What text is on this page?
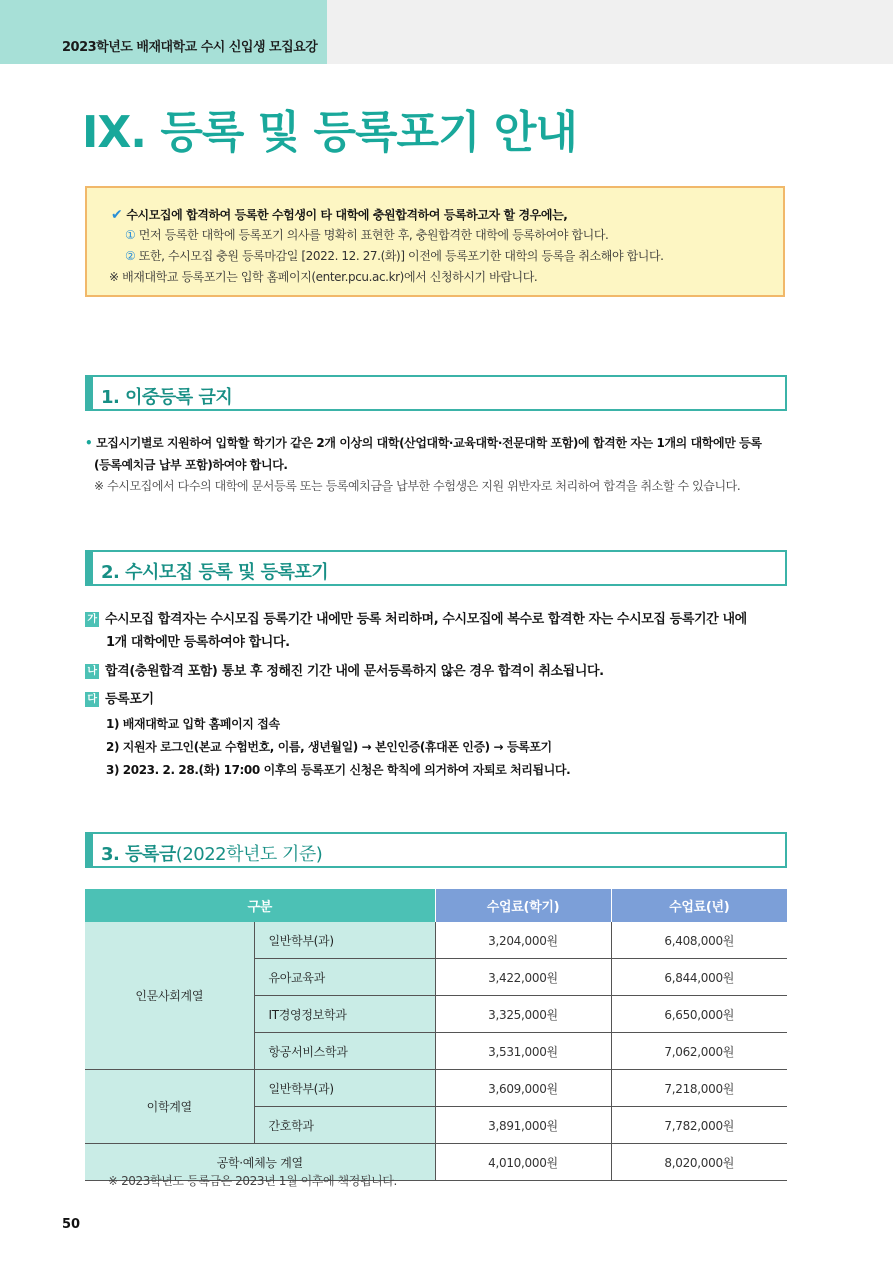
2023학년도 배재대학교 수시 신입생 모집요강
Ⅸ. 등록 및 등록포기 안내
✔ 수시모집에 합격하여 등록한 수험생이 타 대학에 충원합격하여 등록하고자 할 경우에는,
① 먼저 등록한 대학에 등록포기 의사를 명확히 표현한 후, 충원합격한 대학에 등록하여야 합니다.
② 또한, 수시모집 충원 등록마감일 [2022. 12. 27.(화)] 이전에 등록포기한 대학의 등록을 취소해야 합니다.
※ 배재대학교 등록포기는 입학 홈페이지(enter.pcu.ac.kr)에서 신청하시기 바랍니다.
1. 이중등록 금지
• 모집시기별로 지원하여 입학할 학기가 같은 2개 이상의 대학(산업대학·교육대학·전문대학 포함)에 합격한 자는 1개의 대학에만 등록
(등록예치금 납부 포함)하여야 합니다.
※ 수시모집에서 다수의 대학에 문서등록 또는 등록예치금을 납부한 수험생은 지원 위반자로 처리하여 합격을 취소할 수 있습니다.
2. 수시모집 등록 및 등록포기
가 수시모집 합격자는 수시모집 등록기간 내에만 등록 처리하며, 수시모집에 복수로 합격한 자는 수시모집 등록기간 내에
1개 대학에만 등록하여야 합니다.
나 합격(충원합격 포함) 통보 후 정해진 기간 내에 문서등록하지 않은 경우 합격이 취소됩니다.
다 등록포기
1) 배재대학교 입학 홈페이지 접속
2) 지원자 로그인(본교 수험번호, 이름, 생년월일) → 본인인증(휴대폰 인증) → 등록포기
3) 2023. 2. 28.(화) 17:00 이후의 등록포기 신청은 학칙에 의거하여 자퇴로 처리됩니다.
3. 등록금(2022학년도 기준)
구분		수업료(학기)	수업료(년)
인문사회계열	일반학부(과)	3,204,000원	6,408,000원
	유아교육과	3,422,000원	6,844,000원
	IT경영정보학과	3,325,000원	6,650,000원
	항공서비스학과	3,531,000원	7,062,000원
이학계열	일반학부(과)	3,609,000원	7,218,000원
	간호학과	3,891,000원	7,782,000원
공학·예체능 계열		4,010,000원	8,020,000원
※ 2023학년도 등록금은 2023년 1월 이후에 책정됩니다.
50
